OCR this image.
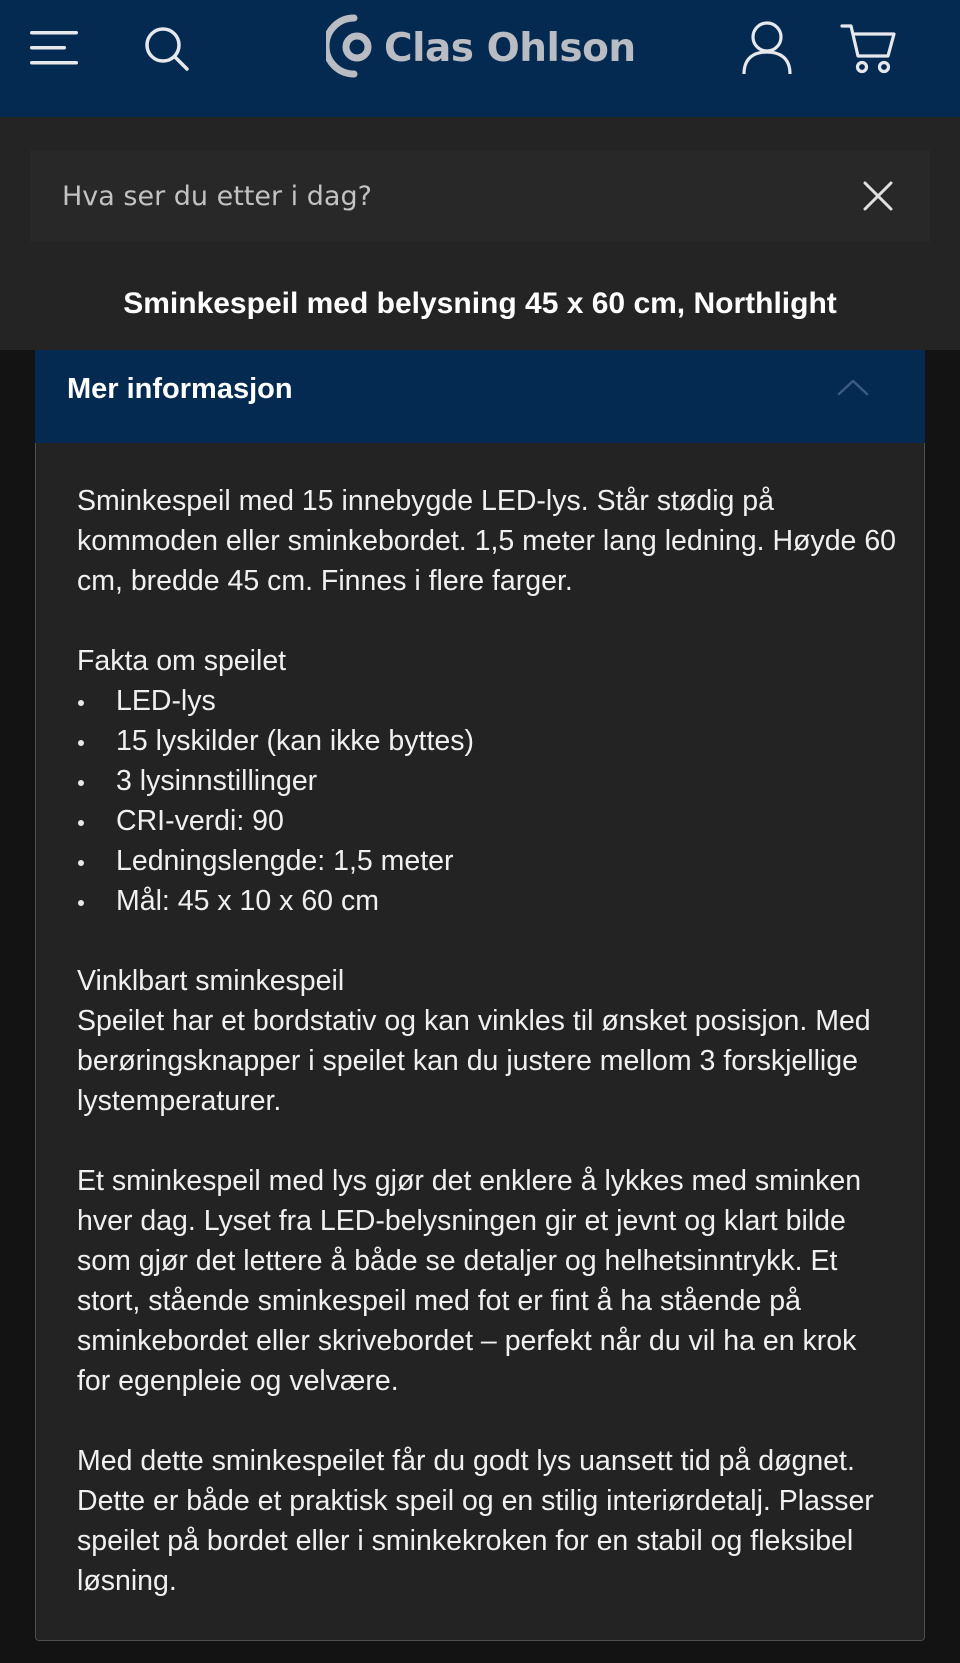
Clas Ohlson
Hva ser du etter i dag?
Sminkespeil med belysning 45 x 60 cm, Northlight
Mer informasjon

Sminkespeil med 15 innebygde LED-lys. Står stødig på kommoden eller sminkebordet. 1,5 meter lang ledning. Høyde 60 cm, bredde 45 cm. Finnes i flere farger.

Fakta om speilet

LED-lys
15 lyskilder (kan ikke byttes)
3 lysinnstillinger
CRI-verdi: 90
Ledningslengde: 1,5 meter
Mål: 45 x 10 x 60 cm

Vinklbart sminkespeil

Speilet har et bordstativ og kan vinkles til ønsket posisjon. Med berøringsknapper i speilet kan du justere mellom 3 forskjellige lystemperaturer.

Et sminkespeil med lys gjør det enklere å lykkes med sminken hver dag. Lyset fra LED-belysningen gir et jevnt og klart bilde som gjør det lettere å både se detaljer og helhetsinntrykk. Et stort, stående sminkespeil med fot er fint å ha stående på sminkebordet eller skrivebordet – perfekt når du vil ha en krok for egenpleie og velvære.

Med dette sminkespeilet får du godt lys uansett tid på døgnet. Dette er både et praktisk speil og en stilig interiørdetalj. Plasser speilet på bordet eller i sminkekroken for en stabil og fleksibel løsning.
